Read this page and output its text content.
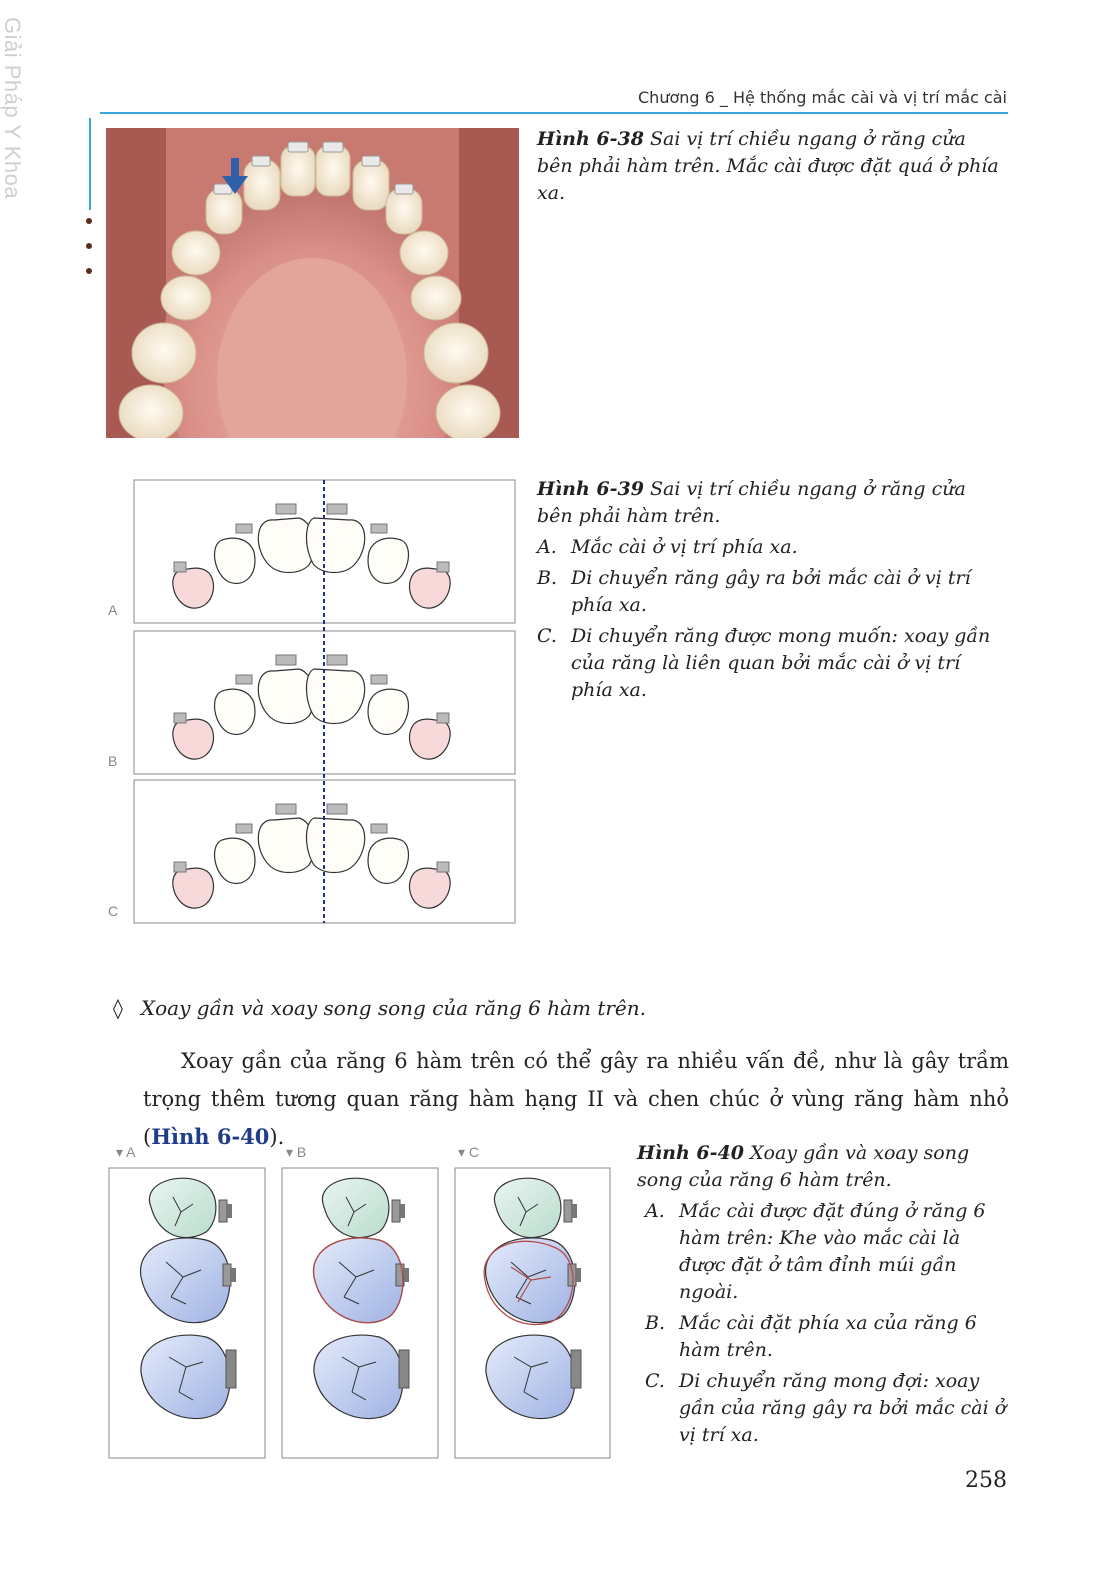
Giải Pháp Y Khoa	Chương 6 _ Hệ thống mắc cài và vị trí mắc cài
Hình 6-38 Sai vị trí chiều ngang ở răng cửa bên phải hàm trên. Mắc cài được đặt quá ở phía xa.
A
B
C
Hình 6-39 Sai vị trí chiều ngang ở răng cửa bên phải hàm trên.
A. Mắc cài ở vị trí phía xa.
B. Di chuyển răng gây ra bởi mắc cài ở vị trí phía xa.
C. Di chuyển răng được mong muốn: xoay gần của răng là liên quan bởi mắc cài ở vị trí phía xa.
◊ Xoay gần và xoay song song của răng 6 hàm trên.
Xoay gần của răng 6 hàm trên có thể gây ra nhiều vấn đề, như là gây trầm trọng thêm tương quan răng hàm hạng II và chen chúc ở vùng răng hàm nhỏ (Hình 6-40).
▾ A	▾ B	▾ C	Hình 6-40 Xoay gần và xoay song song của răng 6 hàm trên.
A. Mắc cài được đặt đúng ở răng 6 hàm trên: Khe vào mắc cài là được đặt ở tâm đỉnh múi gần ngoài.
B. Mắc cài đặt phía xa của răng 6 hàm trên.
C. Di chuyển răng mong đợi: xoay gần của răng gây ra bởi mắc cài ở vị trí xa.
258
